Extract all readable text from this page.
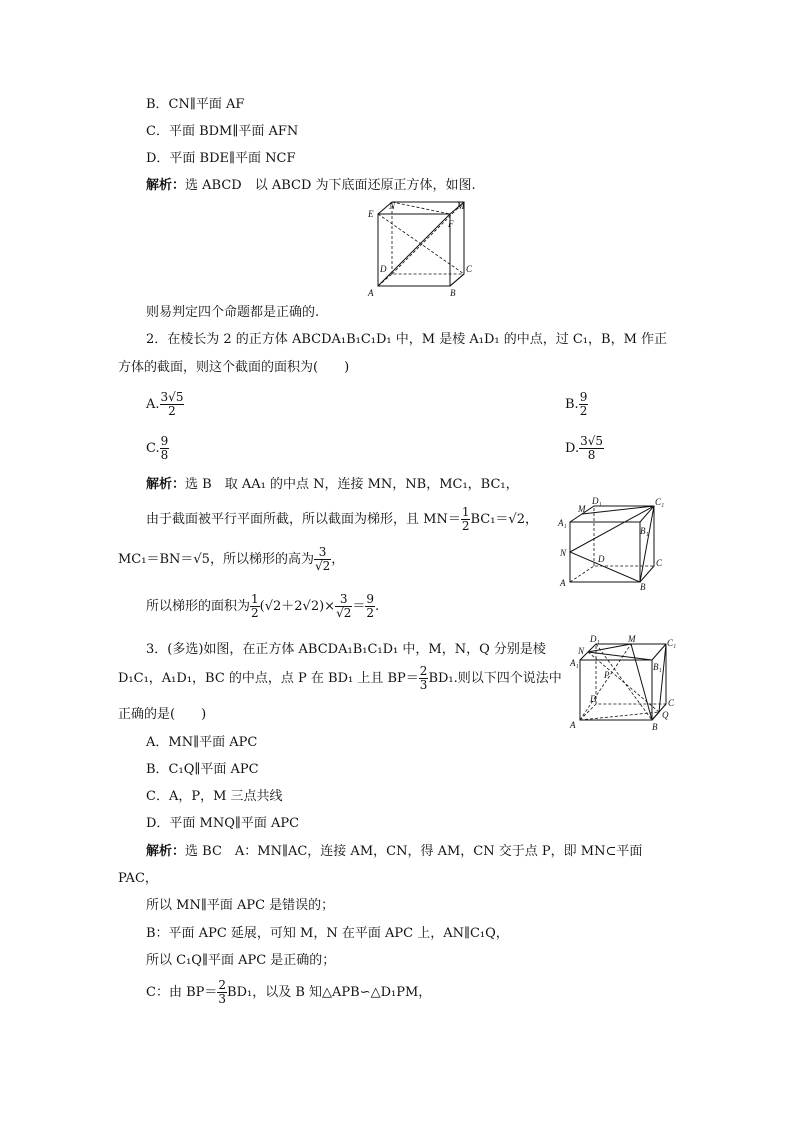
B．CN∥平面 AF
C．平面 BDM∥平面 AFN
D．平面 BDE∥平面 NCF
解析：选 ABCD　以 ABCD 为下底面还原正方体，如图.
N	M
E
F
D	C
A	B
则易判定四个命题都是正确的.
2．在棱长为 2 的正方体 ABCDA₁B₁C₁D₁ 中，M 是棱 A₁D₁ 的中点，过 C₁，B，M 作正
方体的截面，则这个截面的面积为(　　)
A. $\frac{3√5}{2}$	B. $\frac{9}{2}$
C. $\frac{9}{8}$	D. $\frac{3√5}{8}$
解析：选 B　取 AA₁ 的中点 N，连接 MN，NB，MC₁，BC₁，
由于截面被平行平面所截，所以截面为梯形，且 $MN= \frac{1}{2} BC_1=√2$，
MC₁＝BN＝√5，所以梯形的高为 $\frac{3}{√2}$ ，
所以梯形的面积为 $\frac{1}{2} (√2+2√2)\times \frac{3}{√2} = \frac{9}{2}$ .
D₁	C₁
A₁
B₁
M
N
D	C
A	B
3．(多选)如图，在正方体 ABCDA₁B₁C₁D₁ 中，M，N，Q 分别是棱
D₁C₁，A₁D₁，BC 的中点，点 P 在 BD₁ 上且 $BP= \frac{2}{3} BD_1$.则以下四个说法中
正确的是(　　)
A．MN∥平面 APC
B．C₁Q∥平面 APC
C．A，P，M 三点共线
D．平面 MNQ∥平面 APC
解析：选 BC　A：MN∥AC，连接 AM，CN，得 AM，CN 交于点 P，即 MN⊂平面
PAC，
所以 MN∥平面 APC 是错误的；
B：平面 APC 延展，可知 M，N 在平面 APC 上，AN∥C₁Q，
所以 C₁Q∥平面 APC 是正确的；
C：由 $BP= \frac{2}{3} BD_1$，以及 B 知△APB∽△D₁PM，
D₁	M	C₁
N
A₁	B₁
P
D	C
Q
A	B
